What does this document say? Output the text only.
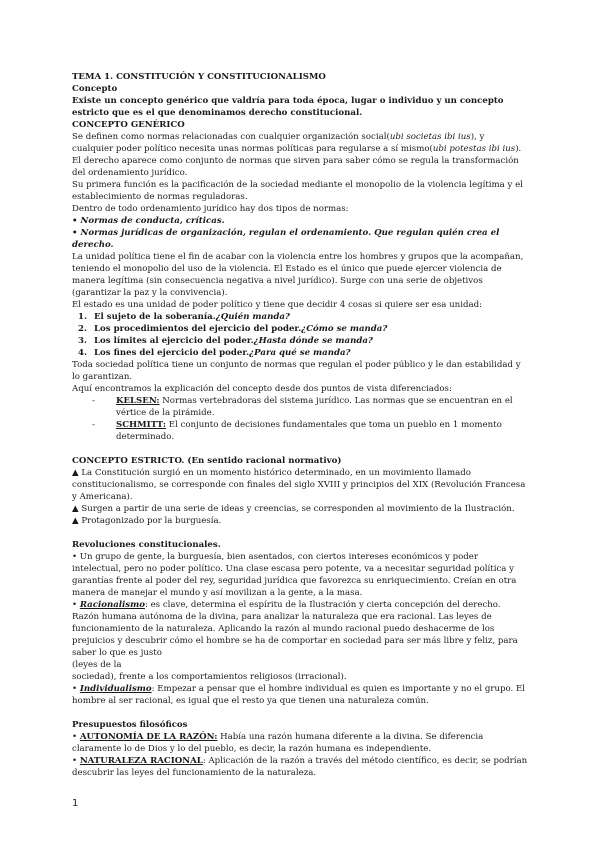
TEMA 1. CONSTITUCIÓN Y CONSTITUCIONALISMO

Concepto

Existe un concepto genérico que valdría para toda época, lugar o individuo y un concepto estricto que es el que denominamos derecho constitucional.

CONCEPTO GENÉRICO

Se definen como normas relacionadas con cualquier organización social(ubi societas ibi ius), y cualquier poder político necesita unas normas políticas para regularse a sí mismo(ubi potestas ibi ius).

El derecho aparece como conjunto de normas que sirven para saber cómo se regula la transformación del ordenamiento jurídico.

Su primera función es la pacificación de la sociedad mediante el monopolio de la violencia legítima y el establecimiento de normas reguladoras.

Dentro de todo ordenamiento jurídico hay dos tipos de normas:

• Normas de conducta, críticas.

• Normas jurídicas de organización, regulan el ordenamiento. Que regulan quién crea el derecho.

La unidad política tiene el fin de acabar con la violencia entre los hombres y grupos que la acompañan, teniendo el monopolio del uso de la violencia. El Estado es el único que puede ejercer violencia de manera legítima (sin consecuencia negativa a nivel jurídico). Surge con una serie de objetivos (garantizar la paz y la convivencia).

El estado es una unidad de poder político y tiene que decidir 4 cosas si quiere ser esa unidad:

1. El sujeto de la soberanía.¿Quién manda?
2. Los procedimientos del ejercicio del poder.¿Cómo se manda?
3. Los límites al ejercicio del poder.¿Hasta dónde se manda?
4. Los fines del ejercicio del poder.¿Para qué se manda?

Toda sociedad política tiene un conjunto de normas que regulan el poder público y le dan estabilidad y lo garantizan.

Aquí encontramos la explicación del concepto desde dos puntos de vista diferenciados:

- KELSEN: Normas vertebradoras del sistema jurídico. Las normas que se encuentran en el vértice de la pirámide.
- SCHMITT: El conjunto de decisiones fundamentales que toma un pueblo en 1 momento determinado.

CONCEPTO ESTRICTO. (En sentido racional normativo)

▲ La Constitución surgió en un momento histórico determinado, en un movimiento llamado constitucionalismo, se corresponde con finales del siglo XVIII y principios del XIX (Revolución Francesa y Americana).

▲ Surgen a partir de una serie de ideas y creencias, se corresponden al movimiento de la Ilustración.

▲ Protagonizado por la burguesía.

Revoluciones constitucionales.

• Un grupo de gente, la burguesía, bien asentados, con ciertos intereses económicos y poder intelectual, pero no poder político. Una clase escasa pero potente, va a necesitar seguridad política y garantías frente al poder del rey, seguridad jurídica que favorezca su enriquecimiento. Creían en otra manera de manejar el mundo y así movilizan a la gente, a la masa.

• Racionalismo: es clave, determina el espíritu de la Ilustración y cierta concepción del derecho. Razón humana autónoma de la divina, para analizar la naturaleza que era racional. Las leyes de funcionamiento de la naturaleza. Aplicando la razón al mundo racional puedo deshacerme de los prejuicios y descubrir cómo el hombre se ha de comportar en sociedad para ser más libre y feliz, para saber lo que es justo

(leyes de la

sociedad), frente a los comportamientos religiosos (irracional).

• Individualismo: Empezar a pensar que el hombre individual es quien es importante y no el grupo. El hombre al ser racional, es igual que el resto ya que tienen una naturaleza común.

Presupuestos filosóficos

• AUTONOMÍA DE LA RAZÓN: Había una razón humana diferente a la divina. Se diferencia claramente lo de Dios y lo del pueblo, es decir, la razón humana es independiente.

• NATURALEZA RACIONAL: Aplicación de la razón a través del método científico, es decir, se podrían descubrir las leyes del funcionamiento de la naturaleza.

1
